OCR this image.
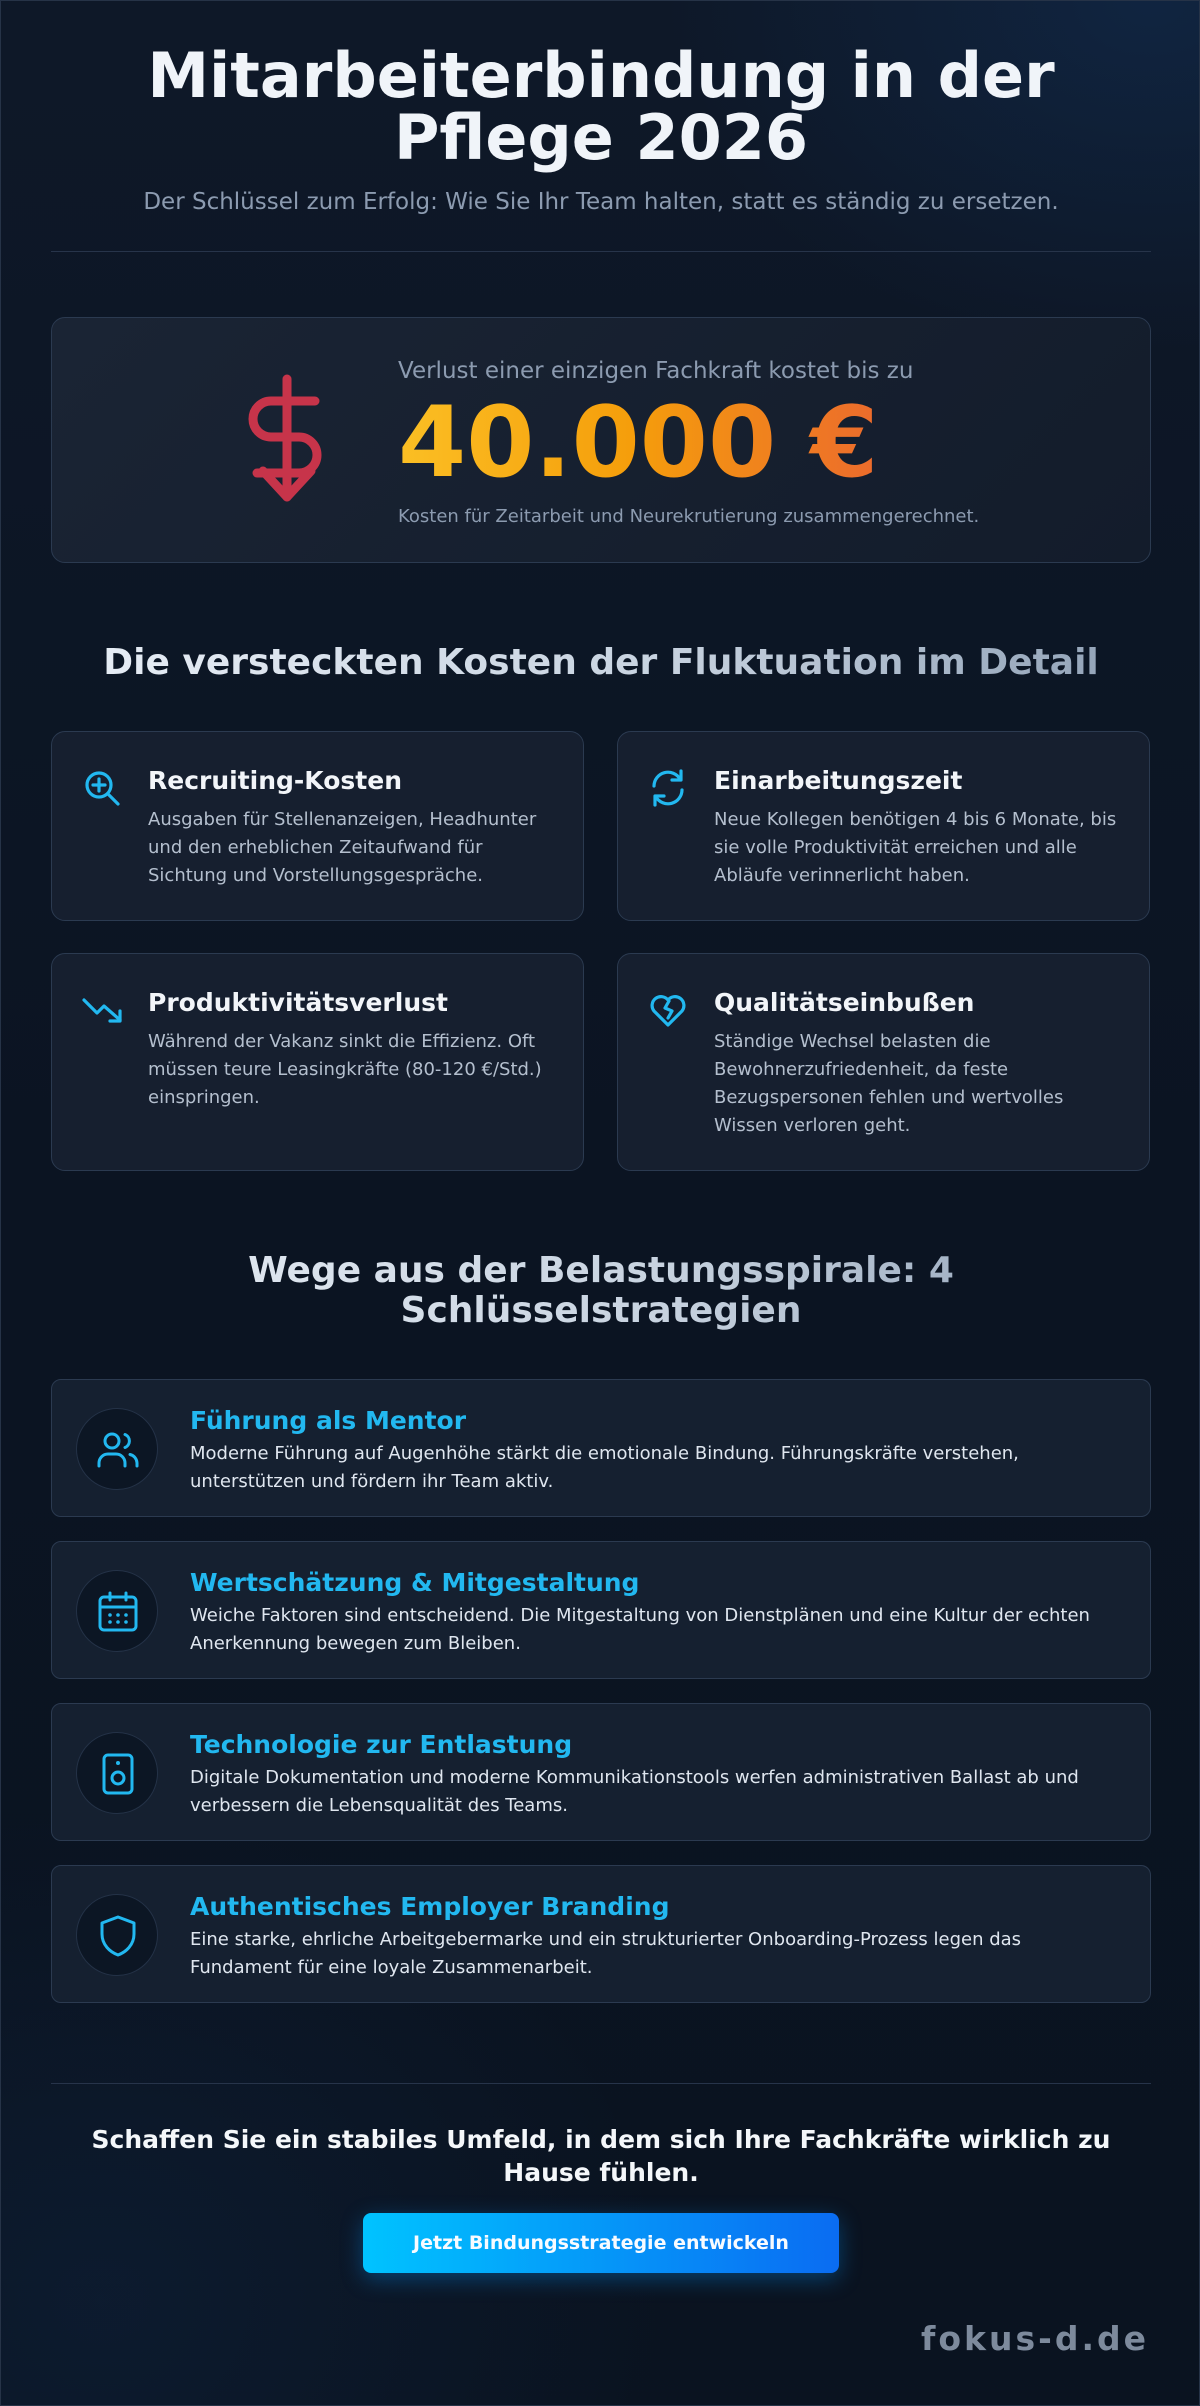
Mitarbeiterbindung in der
Pflege 2026

Der Schlüssel zum Erfolg: Wie Sie Ihr Team halten, statt es ständig zu ersetzen.

Verlust einer einzigen Fachkraft kostet bis zu
40.000 €
Kosten für Zeitarbeit und Neurekrutierung zusammengerechnet.
Die versteckten Kosten der Fluktuation im Detail
Recruiting-Kosten
Ausgaben für Stellenanzeigen, Headhunter und den erheblichen Zeitaufwand für Sichtung und Vorstellungsgespräche.
Einarbeitungszeit
Neue Kollegen benötigen 4 bis 6 Monate, bis sie volle Produktivität erreichen und alle Abläufe verinnerlicht haben.
Produktivitätsverlust
Während der Vakanz sinkt die Effizienz. Oft müssen teure Leasingkräfte (80-120 €/Std.) einspringen.
Qualitätseinbußen
Ständige Wechsel belasten die Bewohnerzufriedenheit, da feste Bezugspersonen fehlen und wertvolles Wissen verloren geht.
Wege aus der Belastungsspirale: 4
Schlüsselstrategien
Führung als Mentor
Moderne Führung auf Augenhöhe stärkt die emotionale Bindung. Führungskräfte verstehen, unterstützen und fördern ihr Team aktiv.
Wertschätzung & Mitgestaltung
Weiche Faktoren sind entscheidend. Die Mitgestaltung von Dienstplänen und eine Kultur der echten Anerkennung bewegen zum Bleiben.
Technologie zur Entlastung
Digitale Dokumentation und moderne Kommunikationstools werfen administrativen Ballast ab und verbessern die Lebensqualität des Teams.
Authentisches Employer Branding
Eine starke, ehrliche Arbeitgebermarke und ein strukturierter Onboarding-Prozess legen das Fundament für eine loyale Zusammenarbeit.

Schaffen Sie ein stabiles Umfeld, in dem sich Ihre Fachkräfte wirklich zu Hause fühlen.

Jetzt Bindungsstrategie entwickeln
fokus-d.de
